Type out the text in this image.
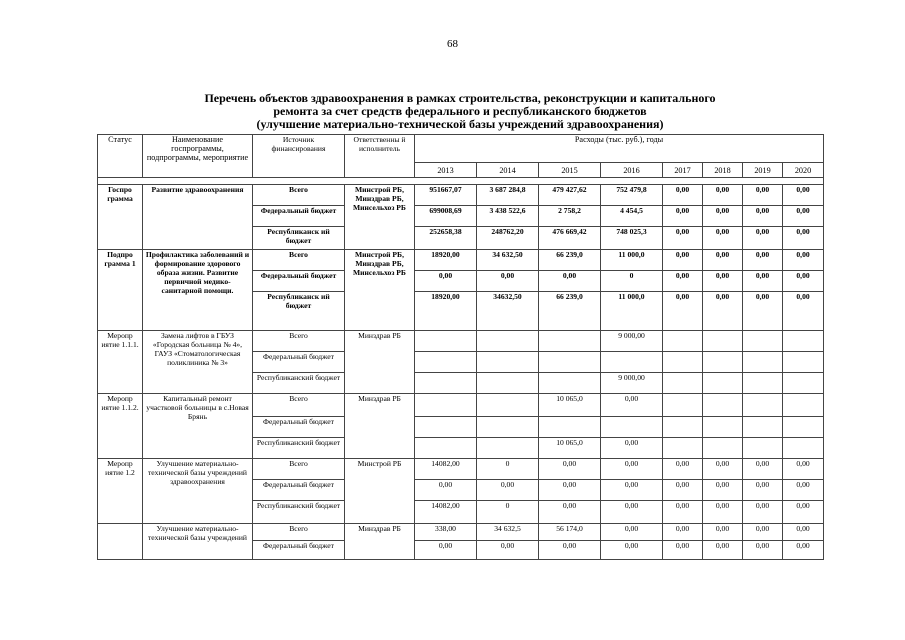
68
Перечень объектов здравоохранения в рамках строительства, реконструкции и капитального
ремонта за счет средств федерального и республиканского бюджетов
(улучшение материально-технической базы учреждений здравоохранения)
Статус	Наименование госпрограммы, подпрограммы, мероприятие	Источник финансирования	Ответственны й исполнитель	Расходы (тыс. руб.), годы							
				2013	2014	2015	2016	2017	2018	2019	2020

Госпро грамма	Развитие здравоохранения	Всего	Минстрой РБ, Минздрав РБ, Минсельхоз РБ	951667,07	3 687 284,8	479 427,62	752 479,8	0,00	0,00	0,00	0,00
		Федеральный бюджет		699008,69	3 438 522,6	2 758,2	4 454,5	0,00	0,00	0,00	0,00
		Республиканск ий бюджет		252658,38	248762,20	476 669,42	748 025,3	0,00	0,00	0,00	0,00
Подпро грамма 1	Профилактика заболеваний и формирование здорового образа жизни. Развитие первичной медико-санитарной помощи.	Всего	Минстрой РБ, Минздрав РБ, Минсельхоз РБ	18920,00	34 632,50	66 239,0	11 000,0	0,00	0,00	0,00	0,00
		Федеральный бюджет		0,00	0,00	0,00	0	0,00	0,00	0,00	0,00
		Республиканск ий бюджет		18920,00	34632,50	66 239,0	11 000,0	0,00	0,00	0,00	0,00
Меропр иятие 1.1.1.	Замена лифтов в ГБУЗ «Городская больница № 4», ГАУЗ «Стоматологическая поликлиника № 3»	Всего	Минздрав РБ				9 000,00				
		Федеральный бюджет									
		Республиканский бюджет					9 000,00				
Меропр иятие 1.1.2.	Капитальный ремонт участковой больницы в с.Новая Брянь	Всего	Минздрав РБ			10 065,0	0,00				
		Федеральный бюджет									
		Республиканский бюджет				10 065,0	0,00				
Меропр иятие 1.2	Улучшение материально-технической базы учреждений здравоохранения	Всего	Минстрой РБ	14082,00	0	0,00	0,00	0,00	0,00	0,00	0,00
		Федеральный бюджет		0,00	0,00	0,00	0,00	0,00	0,00	0,00	0,00
		Республиканский бюджет		14082,00	0	0,00	0,00	0,00	0,00	0,00	0,00
	Улучшение материально-технической базы учреждений	Всего	Минздрав РБ	338,00	34 632,5	56 174,0	0,00	0,00	0,00	0,00	0,00
		Федеральный бюджет		0,00	0,00	0,00	0,00	0,00	0,00	0,00	0,00
